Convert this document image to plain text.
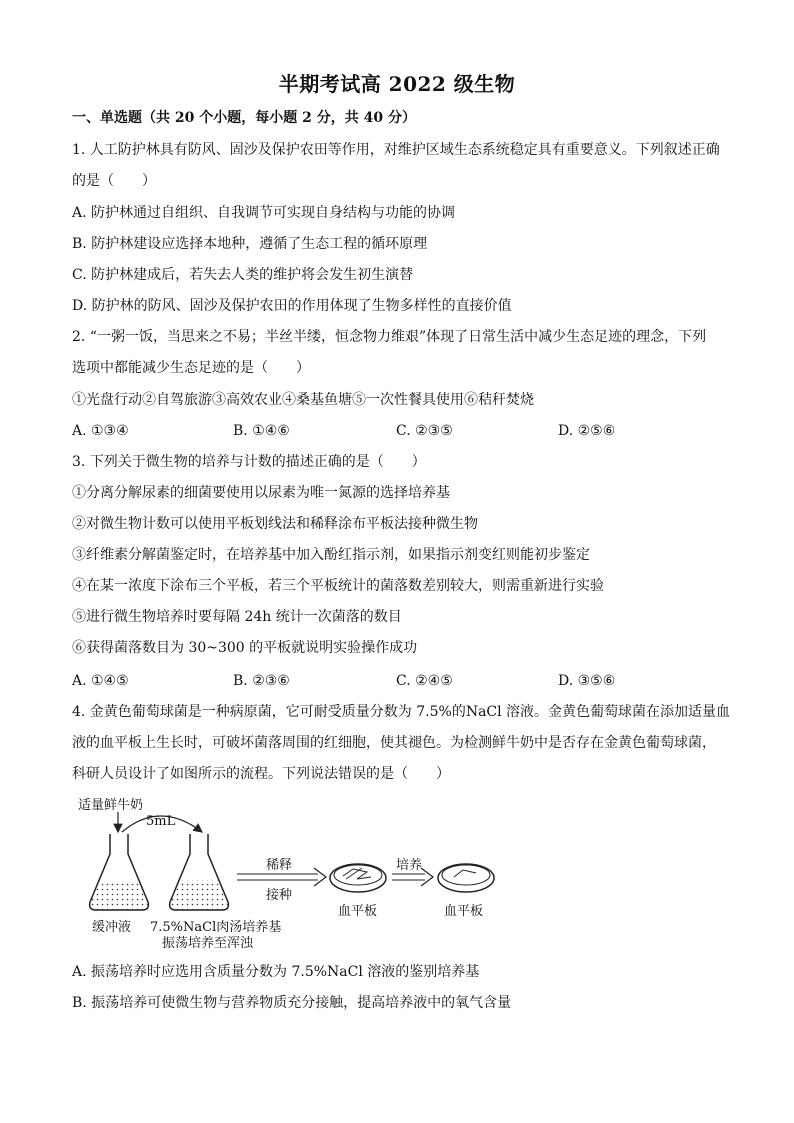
半期考试高 2022 级生物
一、单选题（共 20 个小题，每小题 2 分，共 40 分）
1. 人工防护林具有防风、固沙及保护农田等作用，对维护区域生态系统稳定具有重要意义。下列叙述正确
的是（　　）
A. 防护林通过自组织、自我调节可实现自身结构与功能的协调
B. 防护林建设应选择本地种，遵循了生态工程的循环原理
C. 防护林建成后，若失去人类的维护将会发生初生演替
D. 防护林的防风、固沙及保护农田的作用体现了生物多样性的直接价值
2. “一粥一饭，当思来之不易；半丝半缕，恒念物力维艰”体现了日常生活中减少生态足迹的理念，下列
选项中都能减少生态足迹的是（　　）
①光盘行动②自驾旅游③高效农业④桑基鱼塘⑤一次性餐具使用⑥秸秆焚烧
A. ①③④	B. ①④⑥	C. ②③⑤	D. ②⑤⑥
3. 下列关于微生物的培养与计数的描述正确的是（　　）
①分离分解尿素的细菌要使用以尿素为唯一氮源的选择培养基
②对微生物计数可以使用平板划线法和稀释涂布平板法接种微生物
③纤维素分解菌鉴定时，在培养基中加入酚红指示剂，如果指示剂变红则能初步鉴定
④在某一浓度下涂布三个平板，若三个平板统计的菌落数差别较大，则需重新进行实验
⑤进行微生物培养时要每隔 24h 统计一次菌落的数目
⑥获得菌落数目为 30~300 的平板就说明实验操作成功
A. ①④⑤	B. ②③⑥	C. ②④⑤	D. ③⑤⑥
4. 金黄色葡萄球菌是一种病原菌，它可耐受质量分数为 7.5%的NaCl 溶液。金黄色葡萄球菌在添加适量血
液的血平板上生长时，可破坏菌落周围的红细胞，使其褪色。为检测鲜牛奶中是否存在金黄色葡萄球菌，
科研人员设计了如图所示的流程。下列说法错误的是（　　）
适量鲜牛奶
5mL
稀释
接种
培养
缓冲液 7.5%NaCl肉汤培养基
振荡培养至浑浊
血平板	血平板
A. 振荡培养时应选用含质量分数为 7.5%NaCl 溶液的鉴别培养基
B. 振荡培养可使微生物与营养物质充分接触，提高培养液中的氧气含量
